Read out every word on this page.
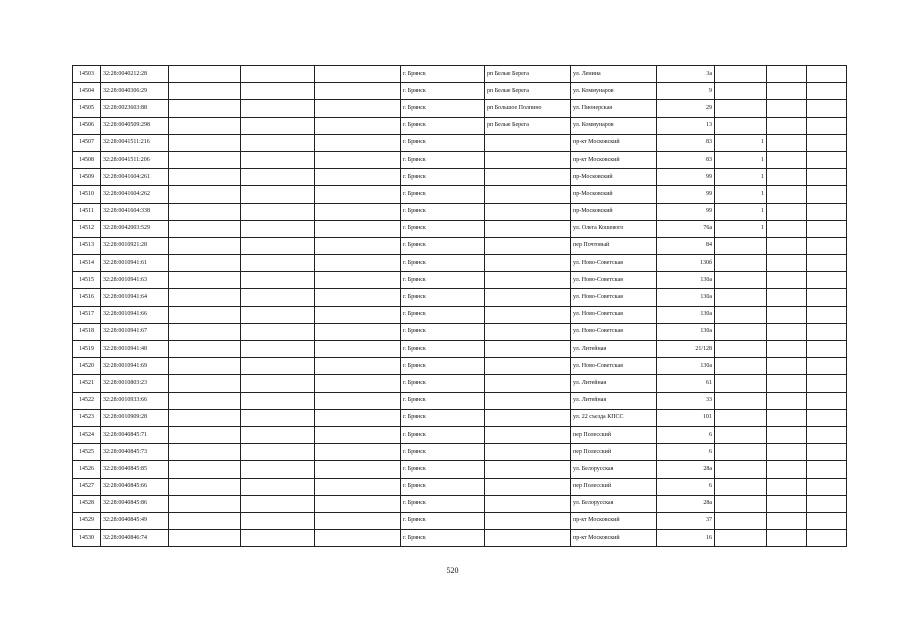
14503	32:28:0040212:28				г. Брянск	рп Белые Берега	ул. Ленина	3а			
14504	32:28:0040306:29				г. Брянск	рп Белые Берега	ул. Коммунаров	9			
14505	32:28:0023603:88				г. Брянск	рп Большое Полпино	ул. Пионерская	29			
14506	32:28:0040509:298				г. Брянск	рп Белые Берега	ул. Коммунаров	13			
14507	32:28:0041511:216				г. Брянск		пр-кт Московский	83	1		
14508	32:28:0041511:206				г. Брянск		пр-кт Московский	83	1		
14509	32:28:0041604:261				г. Брянск		пр-Московский	99	1		
14510	32:28:0041604:262				г. Брянск		пр-Московский	99	1		
14511	32:28:0041604:338				г. Брянск		пр-Московский	99	1		
14512	32:28:0042003:529				г. Брянск		ул. Олега Кошевого	76а	1		
14513	32:28:0010921:28				г. Брянск		пер Почтовый	84			
14514	32:28:0010941:61				г. Брянск		ул. Ново-Советская	130б			
14515	32:28:0010941:63				г. Брянск		ул. Ново-Советская	130а			
14516	32:28:0010941:64				г. Брянск		ул. Ново-Советская	130а			
14517	32:28:0010941:66				г. Брянск		ул. Ново-Советская	130а			
14518	32:28:0010941:67				г. Брянск		ул. Ново-Советская	130а			
14519	32:28:0010941:48				г. Брянск		ул. Литейная	21/128			
14520	32:28:0010941:69				г. Брянск		ул. Ново-Советская	130а			
14521	32:28:0010803:23				г. Брянск		ул. Литейная	61			
14522	32:28:0010933:66				г. Брянск		ул. Литейная	33			
14523	32:28:0010909:28				г. Брянск		ул. 22 съезда КПСС	101			
14524	32:28:0040845:71				г. Брянск		пер Полесский	6			
14525	32:28:0040845:73				г. Брянск		пер Полесский	6			
14526	32:28:0040845:85				г. Брянск		ул. Белорусская	28а			
14527	32:28:0040845:66				г. Брянск		пер Полесский	6			
14528	32:28:0040845:86				г. Брянск		ул. Белорусская	28а			
14529	32:28:0040845:49				г. Брянск		пр-кт Московский	37			
14530	32:28:0040846:74				г. Брянск		пр-кт Московский	16			
520
